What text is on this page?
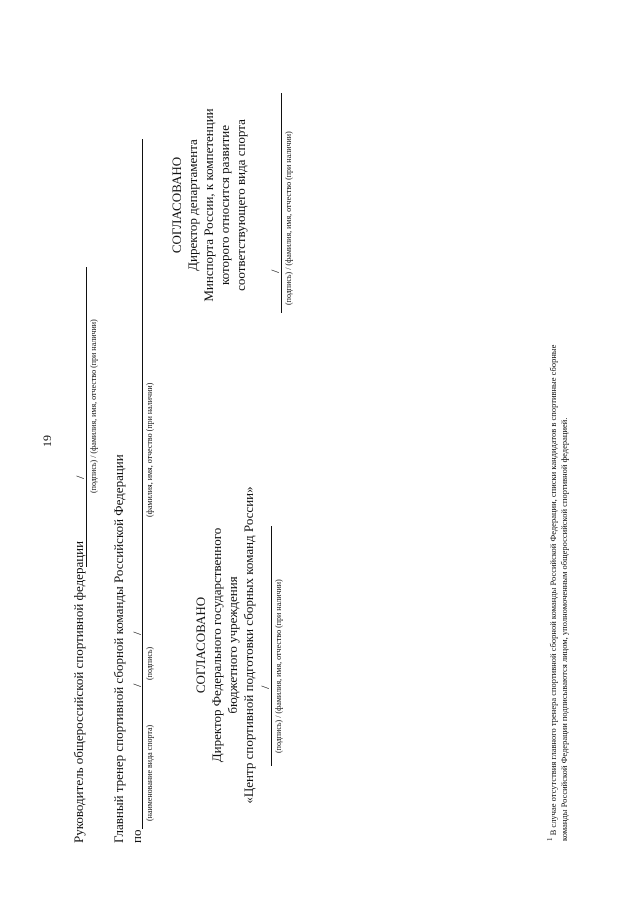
19
Руководитель общероссийской спортивной федерации
/ (подпись) / (фамилия, имя, отчество (при наличии)
Главный тренер спортивной сборной команды Российской Федерации по
/
/
(наименование вида спорта)
(подпись)
(фамилия, имя, отчество (при наличии)
СОГЛАСОВАНО Директор Федерального государственного бюджетного учреждения «Центр спортивной подготовки сборных команд России» / (подпись) / (фамилия, имя, отчество (при наличии)
СОГЛАСОВАНО Директор департамента Минспорта России, к компетенции которого относится развитие соответствующего вида спорта / (подпись) / (фамилия, имя, отчество (при наличии)
$^1$ В случае отсутствия главного тренера спортивной сборной команды Российской Федерации, списки кандидатов в спортивные сборные команды Российской Федерации подписываются лицом, уполномоченным общероссийской спортивной федерацией.
